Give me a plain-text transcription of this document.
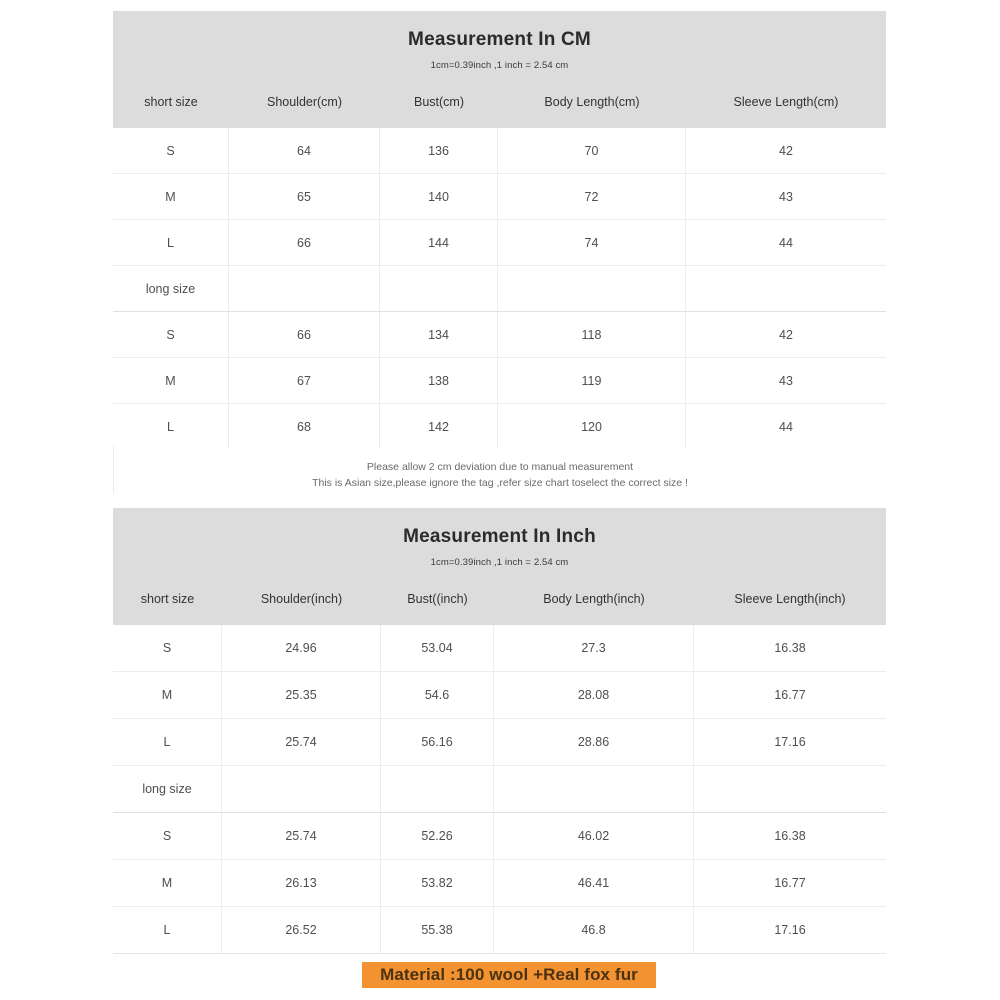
Measurement In CM
1cm=0.39inch ,1 inch = 2.54 cm
short size	Shoulder(cm)	Bust(cm)	Body Length(cm)	Sleeve Length(cm)
S	64	136	70	42
M	65	140	72	43
L	66	144	74	44
long size
S	66	134	118	42
M	67	138	119	43
L	68	142	120	44
Please allow 2 cm deviation due to manual measurement
This is Asian size,please ignore the tag ,refer size chart toselect the correct size !
Measurement In Inch
1cm=0.39inch ,1 inch = 2.54 cm
short size	Shoulder(inch)	Bust((inch)	Body Length(inch)	Sleeve Length(inch)
S	24.96	53.04	27.3	16.38
M	25.35	54.6	28.08	16.77
L	25.74	56.16	28.86	17.16
long size
S	25.74	52.26	46.02	16.38
M	26.13	53.82	46.41	16.77
L	26.52	55.38	46.8	17.16
Material :100 wool +Real fox fur
